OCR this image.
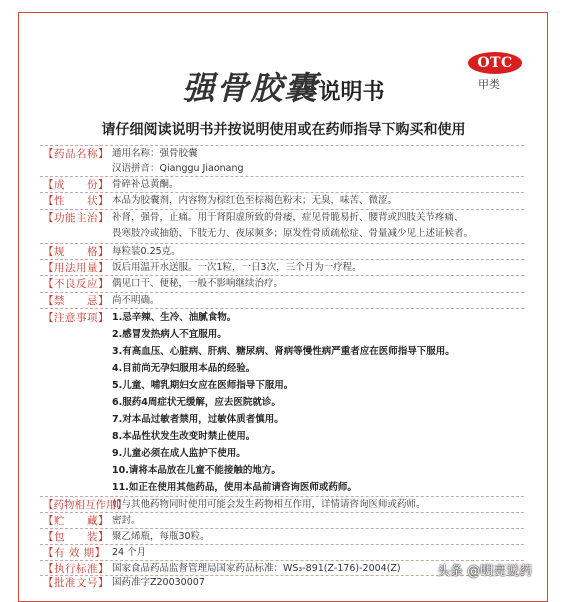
OTC
甲类
强骨胶囊说明书
请仔细阅读说明书并按说明使用或在药师指导下购买和使用
【药品名称】 通用名称：强骨胶囊
汉语拼音：Qianggu Jiaonang
【成　　份】 骨碎补总黄酮。
【性　　状】 本品为胶囊剂，内容物为棕红色至棕褐色粉末；无臭，味苦、微涩。
【功能主治】 补肾，强骨，止痛。用于肾阳虚所致的骨痿，症见骨脆易折、腰背或四肢关节疼痛、
畏寒肢冷或抽筋、下肢无力、夜尿频多；原发性骨质疏松症、骨量减少见上述证候者。
【规　　格】 每粒装0.25克。
【用法用量】 饭后用温开水送服。一次1粒，一日3次，三个月为一疗程。
【不良反应】 偶见口干、便秘，一般不影响继续治疗。
【禁　　忌】 尚不明确。
【注意事项】 1.忌辛辣、生冷、油腻食物。
2.感冒发热病人不宜服用。
3.有高血压、心脏病、肝病、糖尿病、肾病等慢性病严重者应在医师指导下服用。
4.目前尚无孕妇服用本品的经验。
5.儿童、哺乳期妇女应在医师指导下服用。
6.服药4周症状无缓解，应去医院就诊。
7.对本品过敏者禁用，过敏体质者慎用。
8.本品性状发生改变时禁止使用。
9.儿童必须在成人监护下使用。
10.请将本品放在儿童不能接触的地方。
11.如正在使用其他药品，使用本品前请咨询医师或药师。
【药物相互作用】
如与其他药物同时使用可能会发生药物相互作用，详情请咨询医师或药师。
【贮　　藏】 密封。
【包　　装】 聚乙烯瓶，每瓶30粒。
【有 效 期】 24 个月
【执行标准】 国家食品药品监督管理局国家药品标准：WS₃-891(Z-176)-2004(Z)
【批准文号】 国药准字Z20030007
头条 @明亮说药
